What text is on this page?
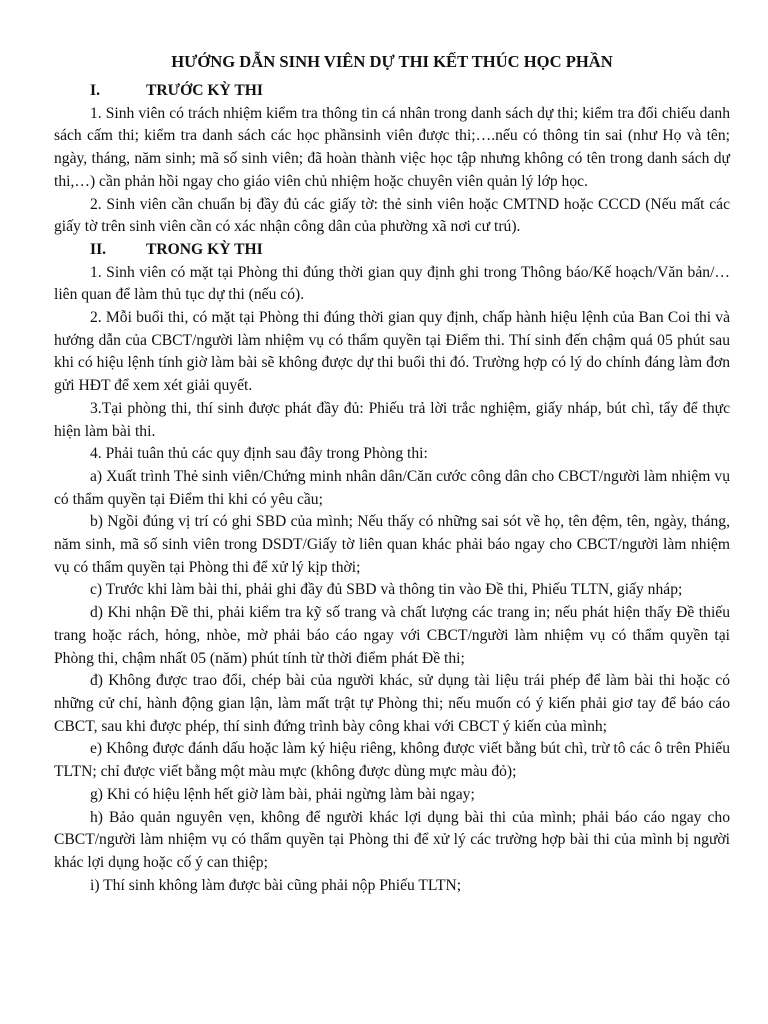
HƯỚNG DẪN SINH VIÊN DỰ THI KẾT THÚC HỌC PHẦN
I.	TRƯỚC KỲ THI

1. Sinh viên có trách nhiệm kiểm tra thông tin cá nhân trong danh sách dự thi; kiểm tra đối chiếu danh sách cấm thi; kiểm tra danh sách các học phầnsinh viên được thi;….nếu có thông tin sai (như Họ và tên; ngày, tháng, năm sinh; mã số sinh viên; đã hoàn thành việc học tập nhưng không có tên trong danh sách dự thi,…) cần phản hồi ngay cho giáo viên chủ nhiệm hoặc chuyên viên quản lý lớp học.

2. Sinh viên cần chuẩn bị đầy đủ các giấy tờ: thẻ sinh viên hoặc CMTND hoặc CCCD (Nếu mất các giấy tờ trên sinh viên cần có xác nhận công dân của phường xã nơi cư trú).

II.	TRONG KỲ THI

1. Sinh viên có mặt tại Phòng thi đúng thời gian quy định ghi trong Thông báo/Kế hoạch/Văn bản/… liên quan để làm thủ tục dự thi (nếu có).

2. Mỗi buổi thi, có mặt tại Phòng thi đúng thời gian quy định, chấp hành hiệu lệnh của Ban Coi thi và hướng dẫn của CBCT/người làm nhiệm vụ có thẩm quyền tại Điểm thi. Thí sinh đến chậm quá 05 phút sau khi có hiệu lệnh tính giờ làm bài sẽ không được dự thi buổi thi đó. Trường hợp có lý do chính đáng làm đơn gửi HĐT để xem xét giải quyết.

3.Tại phòng thi, thí sinh được phát đầy đủ: Phiếu trả lời trắc nghiệm, giấy nháp, bút chì, tẩy để thực hiện làm bài thi.

4. Phải tuân thủ các quy định sau đây trong Phòng thi:

a) Xuất trình Thẻ sinh viên/Chứng minh nhân dân/Căn cước công dân cho CBCT/người làm nhiệm vụ có thẩm quyền tại Điểm thi khi có yêu cầu;

b) Ngồi đúng vị trí có ghi SBD của mình; Nếu thấy có những sai sót về họ, tên đệm, tên, ngày, tháng, năm sinh, mã số sinh viên trong DSDT/Giấy tờ liên quan khác phải báo ngay cho CBCT/người làm nhiệm vụ có thẩm quyền tại Phòng thi để xử lý kịp thời;

c) Trước khi làm bài thi, phải ghi đầy đủ SBD và thông tin vào Đề thi, Phiếu TLTN, giấy nháp;

d) Khi nhận Đề thi, phải kiểm tra kỹ số trang và chất lượng các trang in; nếu phát hiện thấy Đề thiếu trang hoặc rách, hỏng, nhòe, mờ phải báo cáo ngay với CBCT/người làm nhiệm vụ có thẩm quyền tại Phòng thi, chậm nhất 05 (năm) phút tính từ thời điểm phát Đề thi;

đ) Không được trao đổi, chép bài của người khác, sử dụng tài liệu trái phép để làm bài thi hoặc có những cử chỉ, hành động gian lận, làm mất trật tự Phòng thi; nếu muốn có ý kiến phải giơ tay để báo cáo CBCT, sau khi được phép, thí sinh đứng trình bày công khai với CBCT ý kiến của mình;

e) Không được đánh dấu hoặc làm ký hiệu riêng, không được viết bằng bút chì, trừ tô các ô trên Phiếu TLTN; chỉ được viết bằng một màu mực (không được dùng mực màu đỏ);

g) Khi có hiệu lệnh hết giờ làm bài, phải ngừng làm bài ngay;

h) Bảo quản nguyên vẹn, không để người khác lợi dụng bài thi của mình; phải báo cáo ngay cho CBCT/người làm nhiệm vụ có thẩm quyền tại Phòng thi để xử lý các trường hợp bài thi của mình bị người khác lợi dụng hoặc cố ý can thiệp;

i) Thí sinh không làm được bài cũng phải nộp Phiếu TLTN;
